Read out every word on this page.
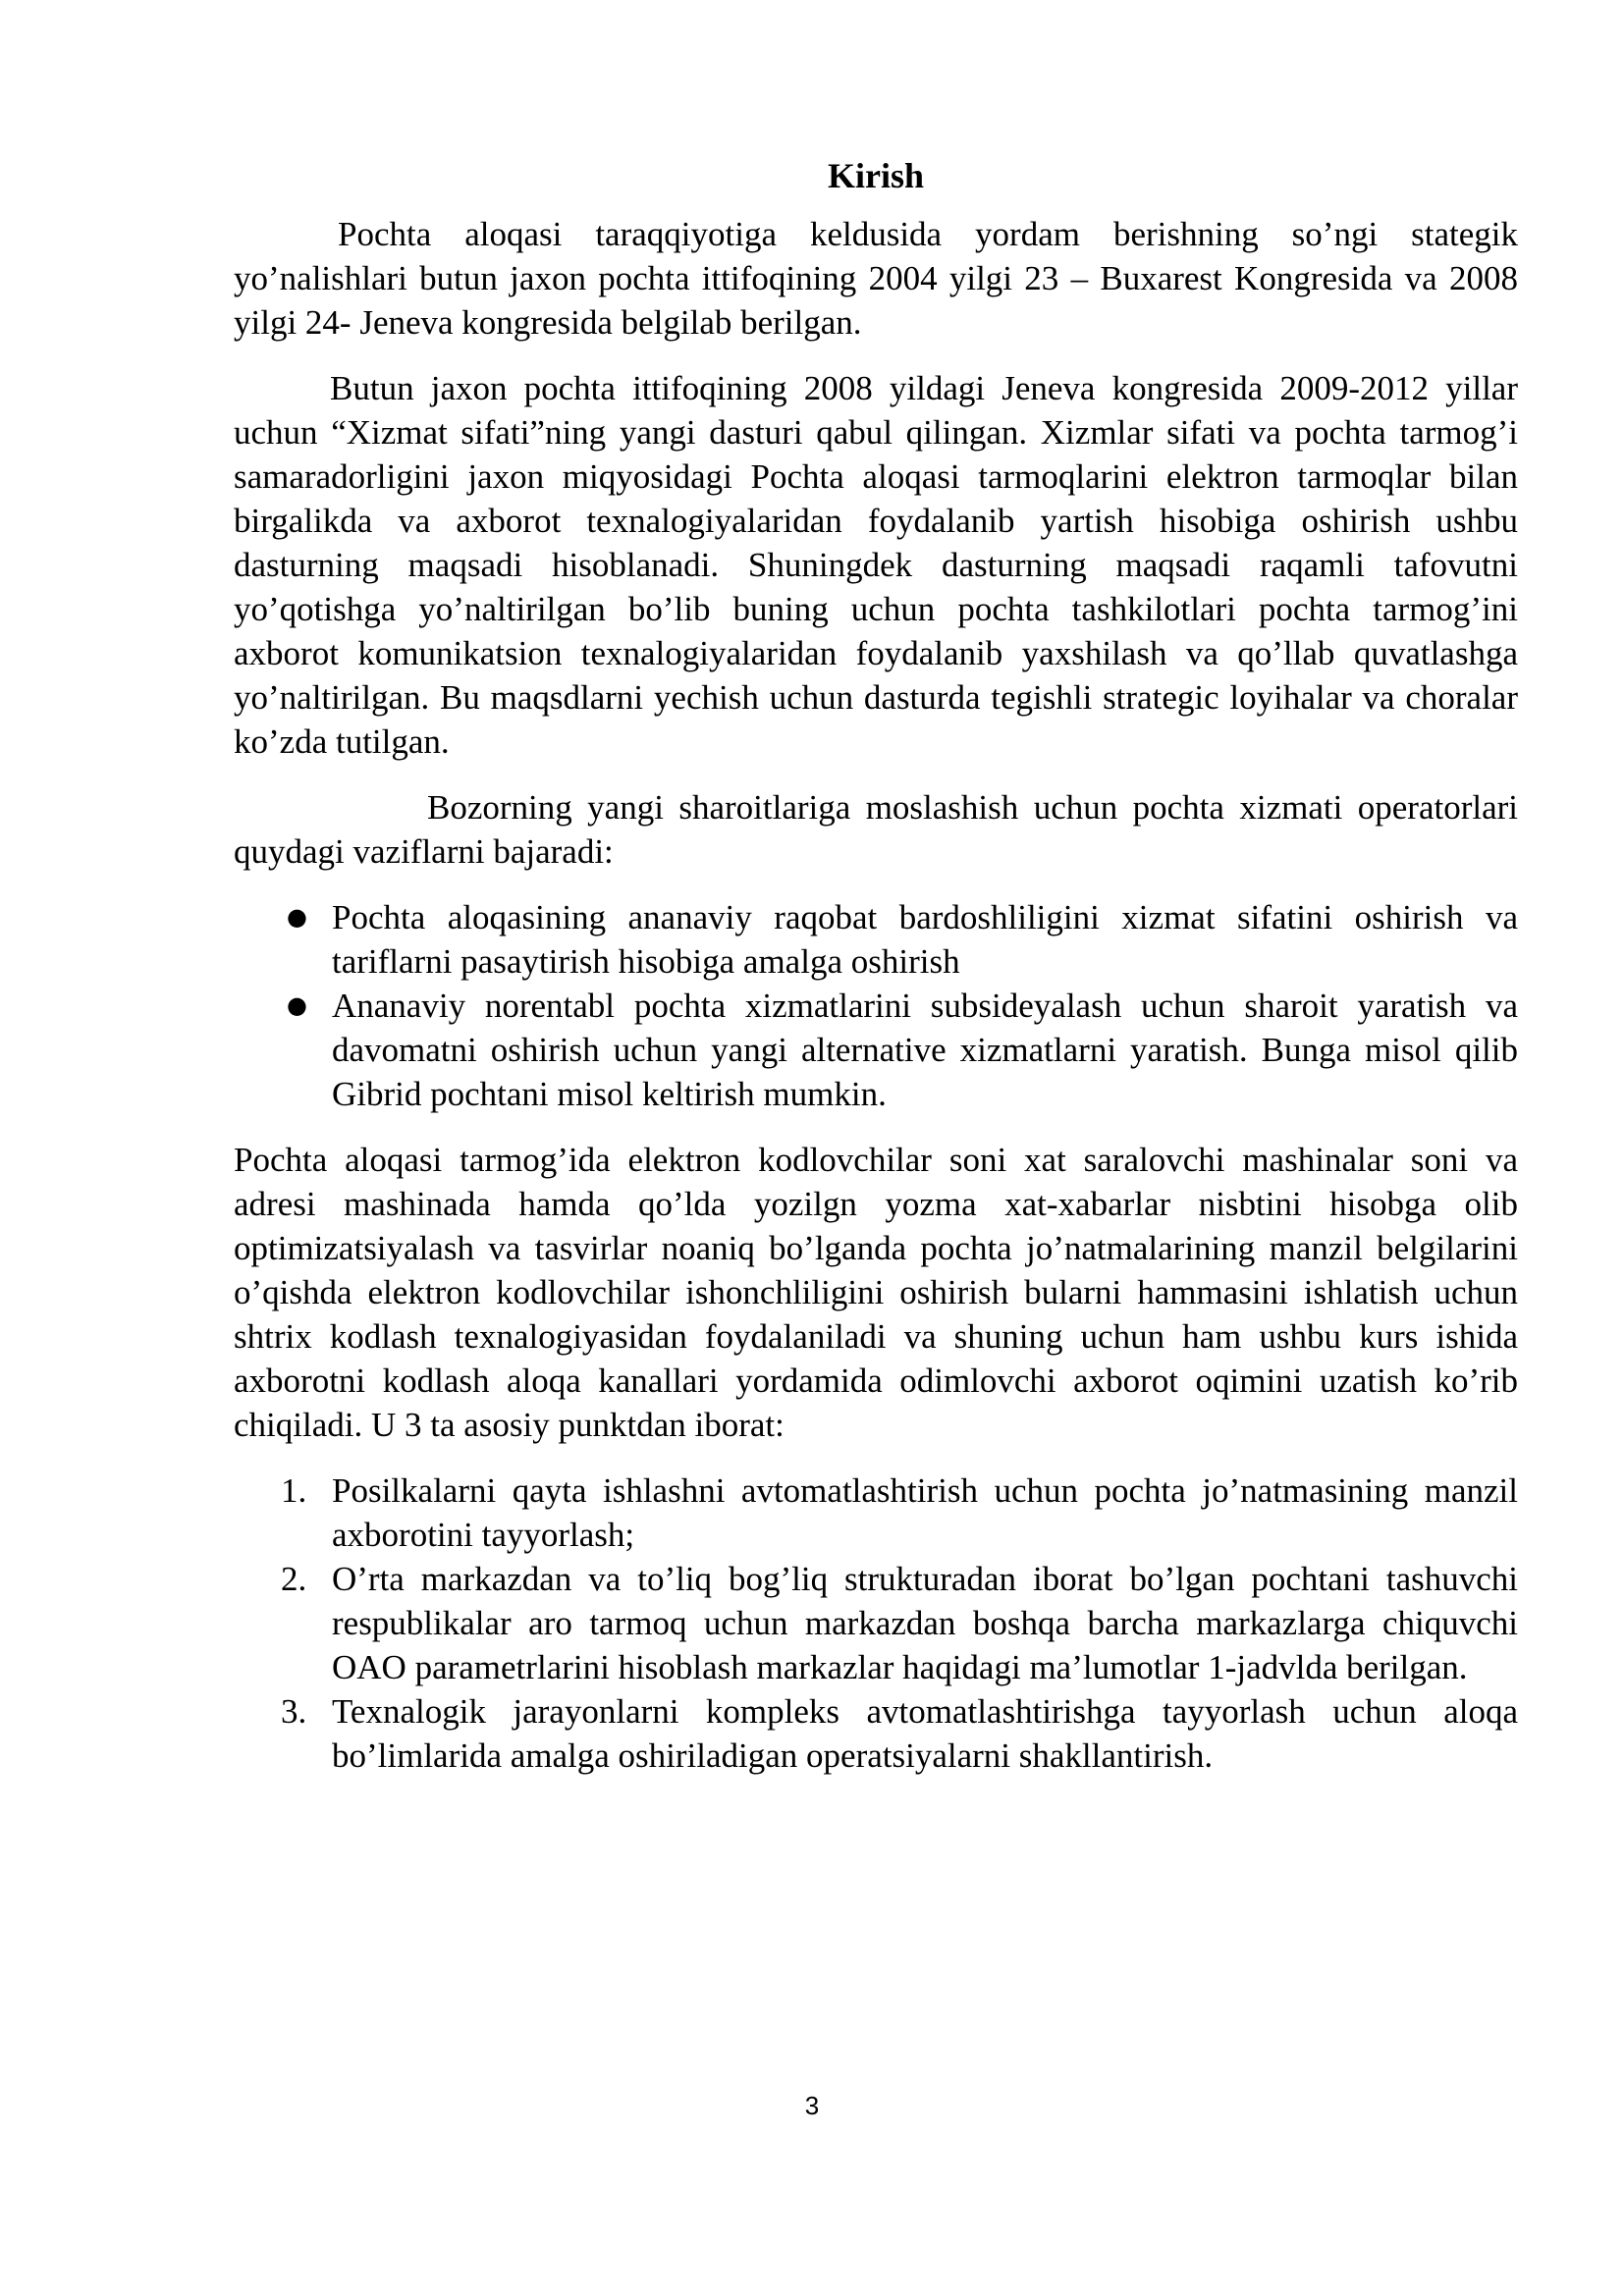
Kirish

Pochta aloqasi taraqqiyotiga keldusida yordam berishning so’ngi stategik yo’nalishlari butun jaxon pochta ittifoqining 2004 yilgi 23 – Buxarest Kongresida va 2008 yilgi 24- Jeneva kongresida belgilab berilgan.

Butun jaxon pochta ittifoqining 2008 yildagi Jeneva kongresida 2009-2012 yillar uchun “Xizmat sifati”ning yangi dasturi qabul qilingan. Xizmlar sifati va pochta tarmog’i samaradorligini jaxon miqyosidagi Pochta aloqasi tarmoqlarini elektron tarmoqlar bilan birgalikda va axborot texnalogiyalaridan foydalanib yartish hisobiga oshirish ushbu dasturning maqsadi hisoblanadi. Shuningdek dasturning maqsadi raqamli tafovutni yo’qotishga yo’naltirilgan bo’lib buning uchun pochta tashkilotlari pochta tarmog’ini axborot komunikatsion texnalogiyalaridan foydalanib yaxshilash va qo’llab quvatlashga yo’naltirilgan. Bu maqsdlarni yechish uchun dasturda tegishli strategic loyihalar va choralar ko’zda tutilgan.

Bozorning yangi sharoitlariga moslashish uchun pochta xizmati operatorlari quydagi vaziflarni bajaradi:

● Pochta aloqasining ananaviy raqobat bardoshliligini xizmat sifatini oshirish va tariflarni pasaytirish hisobiga amalga oshirish
● Ananaviy norentabl pochta xizmatlarini subsideyalash uchun sharoit yaratish va davomatni oshirish uchun yangi alternative xizmatlarni yaratish. Bunga misol qilib Gibrid pochtani misol keltirish mumkin.

Pochta aloqasi tarmog’ida elektron kodlovchilar soni xat saralovchi mashinalar soni va adresi mashinada hamda qo’lda yozilgn yozma xat-xabarlar nisbtini hisobga olib optimizatsiyalash va tasvirlar noaniq bo’lganda pochta jo’natmalarining manzil belgilarini o’qishda elektron kodlovchilar ishonchliligini oshirish bularni hammasini ishlatish uchun shtrix kodlash texnalogiyasidan foydalaniladi va shuning uchun ham ushbu kurs ishida axborotni kodlash aloqa kanallari yordamida odimlovchi axborot oqimini uzatish ko’rib chiqiladi. U 3 ta asosiy punktdan iborat:

1. Posilkalarni qayta ishlashni avtomatlashtirish uchun pochta jo’natmasining manzil axborotini tayyorlash;
2. O’rta markazdan va to’liq bog’liq strukturadan iborat bo’lgan pochtani tashuvchi respublikalar aro tarmoq uchun markazdan boshqa barcha markazlarga chiquvchi OAO parametrlarini hisoblash markazlar haqidagi ma’lumotlar 1-jadvlda berilgan.
3. Texnalogik jarayonlarni kompleks avtomatlashtirishga tayyorlash uchun aloqa bo’limlarida amalga oshiriladigan operatsiyalarni shakllantirish.
3
